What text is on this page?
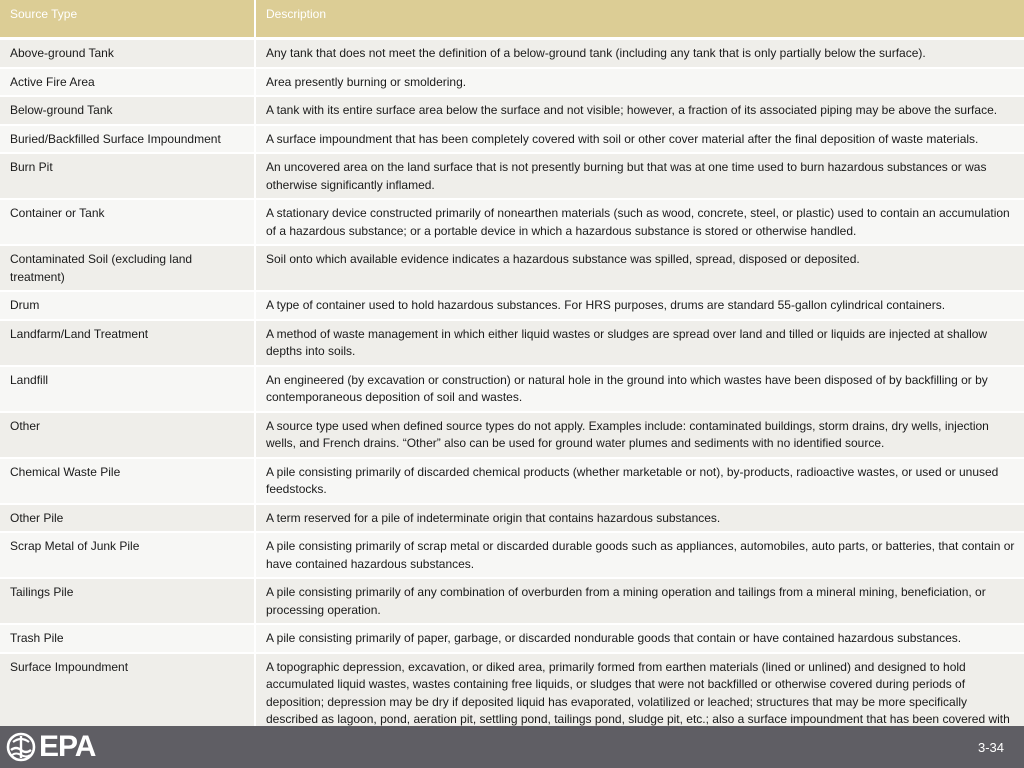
Source Type	Description
Above-ground Tank	Any tank that does not meet the definition of a below-ground tank (including any tank that is only partially below the surface).
Active Fire Area	Area presently burning or smoldering.
Below-ground Tank	A tank with its entire surface area below the surface and not visible; however, a fraction of its associated piping may be above the surface.
Buried/Backfilled Surface Impoundment	A surface impoundment that has been completely covered with soil or other cover material after the final deposition of waste materials.
Burn Pit	An uncovered area on the land surface that is not presently burning but that was at one time used to burn hazardous substances or was otherwise significantly inflamed.
Container or Tank	A stationary device constructed primarily of nonearthen materials (such as wood, concrete, steel, or plastic) used to contain an accumulation of a hazardous substance; or a portable device in which a hazardous substance is stored or otherwise handled.
Contaminated Soil (excluding land treatment)	Soil onto which available evidence indicates a hazardous substance was spilled, spread, disposed or deposited.
Drum	A type of container used to hold hazardous substances. For HRS purposes, drums are standard 55-gallon cylindrical containers.
Landfarm/Land Treatment	A method of waste management in which either liquid wastes or sludges are spread over land and tilled or liquids are injected at shallow depths into soils.
Landfill	An engineered (by excavation or construction) or natural hole in the ground into which wastes have been disposed of by backfilling or by contemporaneous deposition of soil and wastes.
Other	A source type used when defined source types do not apply. Examples include: contaminated buildings, storm drains, dry wells, injection wells, and French drains. “Other” also can be used for ground water plumes and sediments with no identified source.
Chemical Waste Pile	A pile consisting primarily of discarded chemical products (whether marketable or not), by-products, radioactive wastes, or used or unused feedstocks.
Other Pile	A term reserved for a pile of indeterminate origin that contains hazardous substances.
Scrap Metal of Junk Pile	A pile consisting primarily of scrap metal or discarded durable goods such as appliances, automobiles, auto parts, or batteries, that contain or have contained hazardous substances.
Tailings Pile	A pile consisting primarily of any combination of overburden from a mining operation and tailings from a mineral mining, beneficiation, or processing operation.
Trash Pile	A pile consisting primarily of paper, garbage, or discarded nondurable goods that contain or have contained hazardous substances.
Surface Impoundment	A topographic depression, excavation, or diked area, primarily formed from earthen materials (lined or unlined) and designed to hold accumulated liquid wastes, wastes containing free liquids, or sludges that were not backfilled or otherwise covered during periods of deposition; depression may be dry if deposited liquid has evaporated, volatilized or leached; structures that may be more specifically described as lagoon, pond, aeration pit, settling pond, tailings pond, sludge pit, etc.; also a surface impoundment that has been covered with
EPA	3-34
